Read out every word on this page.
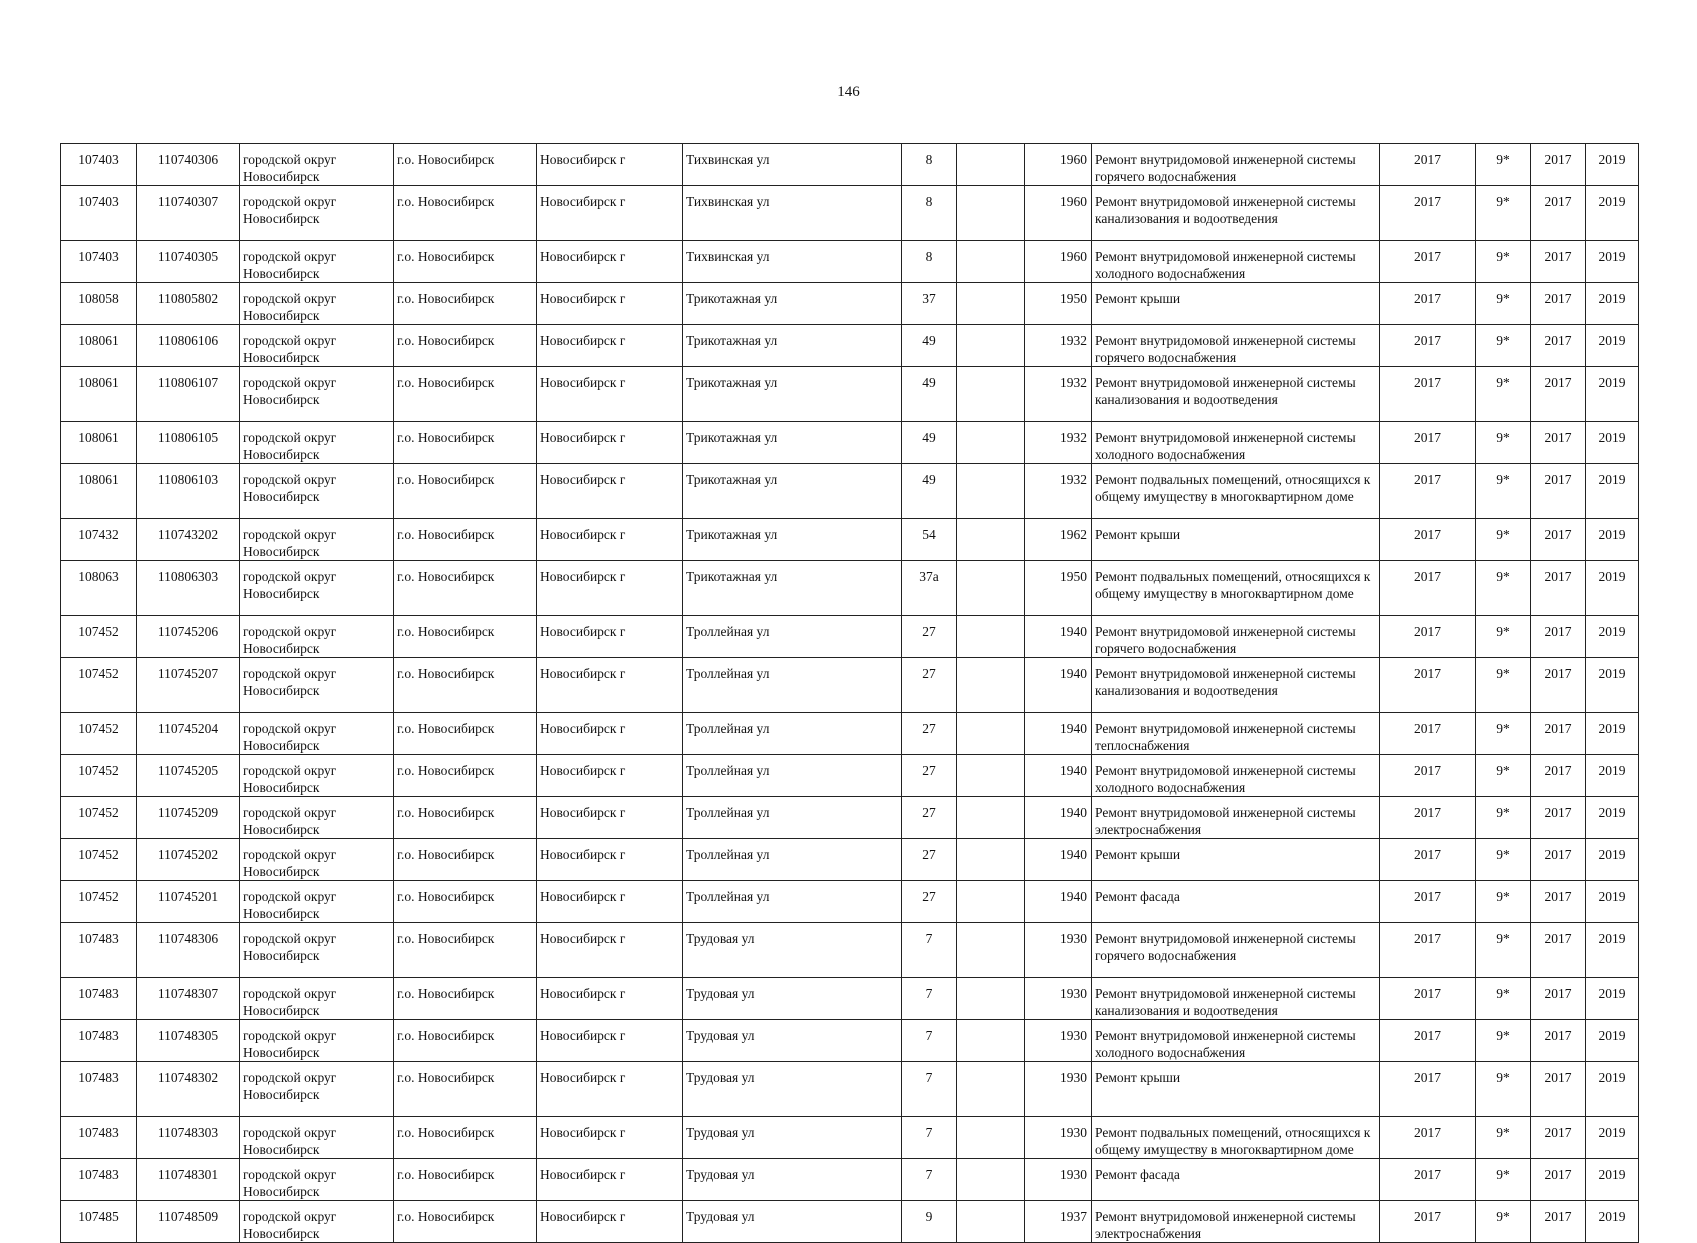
146
107403	110740306	городской округ Новосибирск	г.о. Новосибирск	Новосибирск г	Тихвинская ул	8		1960	Ремонт внутридомовой инженерной системы горячего водоснабжения	2017	9*	2017	2019
107403	110740307	городской округ Новосибирск	г.о. Новосибирск	Новосибирск г	Тихвинская ул	8		1960	Ремонт внутридомовой инженерной системы канализования и водоотведения	2017	9*	2017	2019
107403	110740305	городской округ Новосибирск	г.о. Новосибирск	Новосибирск г	Тихвинская ул	8		1960	Ремонт внутридомовой инженерной системы холодного водоснабжения	2017	9*	2017	2019
108058	110805802	городской округ Новосибирск	г.о. Новосибирск	Новосибирск г	Трикотажная ул	37		1950	Ремонт крыши	2017	9*	2017	2019
108061	110806106	городской округ Новосибирск	г.о. Новосибирск	Новосибирск г	Трикотажная ул	49		1932	Ремонт внутридомовой инженерной системы горячего водоснабжения	2017	9*	2017	2019
108061	110806107	городской округ Новосибирск	г.о. Новосибирск	Новосибирск г	Трикотажная ул	49		1932	Ремонт внутридомовой инженерной системы канализования и водоотведения	2017	9*	2017	2019
108061	110806105	городской округ Новосибирск	г.о. Новосибирск	Новосибирск г	Трикотажная ул	49		1932	Ремонт внутридомовой инженерной системы холодного водоснабжения	2017	9*	2017	2019
108061	110806103	городской округ Новосибирск	г.о. Новосибирск	Новосибирск г	Трикотажная ул	49		1932	Ремонт подвальных помещений, относящихся к общему имуществу в многоквартирном доме	2017	9*	2017	2019
107432	110743202	городской округ Новосибирск	г.о. Новосибирск	Новосибирск г	Трикотажная ул	54		1962	Ремонт крыши	2017	9*	2017	2019
108063	110806303	городской округ Новосибирск	г.о. Новосибирск	Новосибирск г	Трикотажная ул	37а		1950	Ремонт подвальных помещений, относящихся к общему имуществу в многоквартирном доме	2017	9*	2017	2019
107452	110745206	городской округ Новосибирск	г.о. Новосибирск	Новосибирск г	Троллейная ул	27		1940	Ремонт внутридомовой инженерной системы горячего водоснабжения	2017	9*	2017	2019
107452	110745207	городской округ Новосибирск	г.о. Новосибирск	Новосибирск г	Троллейная ул	27		1940	Ремонт внутридомовой инженерной системы канализования и водоотведения	2017	9*	2017	2019
107452	110745204	городской округ Новосибирск	г.о. Новосибирск	Новосибирск г	Троллейная ул	27		1940	Ремонт внутридомовой инженерной системы теплоснабжения	2017	9*	2017	2019
107452	110745205	городской округ Новосибирск	г.о. Новосибирск	Новосибирск г	Троллейная ул	27		1940	Ремонт внутридомовой инженерной системы холодного водоснабжения	2017	9*	2017	2019
107452	110745209	городской округ Новосибирск	г.о. Новосибирск	Новосибирск г	Троллейная ул	27		1940	Ремонт внутридомовой инженерной системы электроснабжения	2017	9*	2017	2019
107452	110745202	городской округ Новосибирск	г.о. Новосибирск	Новосибирск г	Троллейная ул	27		1940	Ремонт крыши	2017	9*	2017	2019
107452	110745201	городской округ Новосибирск	г.о. Новосибирск	Новосибирск г	Троллейная ул	27		1940	Ремонт фасада	2017	9*	2017	2019
107483	110748306	городской округ Новосибирск	г.о. Новосибирск	Новосибирск г	Трудовая ул	7		1930	Ремонт внутридомовой инженерной системы горячего водоснабжения	2017	9*	2017	2019
107483	110748307	городской округ Новосибирск	г.о. Новосибирск	Новосибирск г	Трудовая ул	7		1930	Ремонт внутридомовой инженерной системы канализования и водоотведения	2017	9*	2017	2019
107483	110748305	городской округ Новосибирск	г.о. Новосибирск	Новосибирск г	Трудовая ул	7		1930	Ремонт внутридомовой инженерной системы холодного водоснабжения	2017	9*	2017	2019
107483	110748302	городской округ Новосибирск	г.о. Новосибирск	Новосибирск г	Трудовая ул	7		1930	Ремонт крыши	2017	9*	2017	2019
107483	110748303	городской округ Новосибирск	г.о. Новосибирск	Новосибирск г	Трудовая ул	7		1930	Ремонт подвальных помещений, относящихся к общему имуществу в многоквартирном доме	2017	9*	2017	2019
107483	110748301	городской округ Новосибирск	г.о. Новосибирск	Новосибирск г	Трудовая ул	7		1930	Ремонт фасада	2017	9*	2017	2019
107485	110748509	городской округ Новосибирск	г.о. Новосибирск	Новосибирск г	Трудовая ул	9		1937	Ремонт внутридомовой инженерной системы электроснабжения	2017	9*	2017	2019
